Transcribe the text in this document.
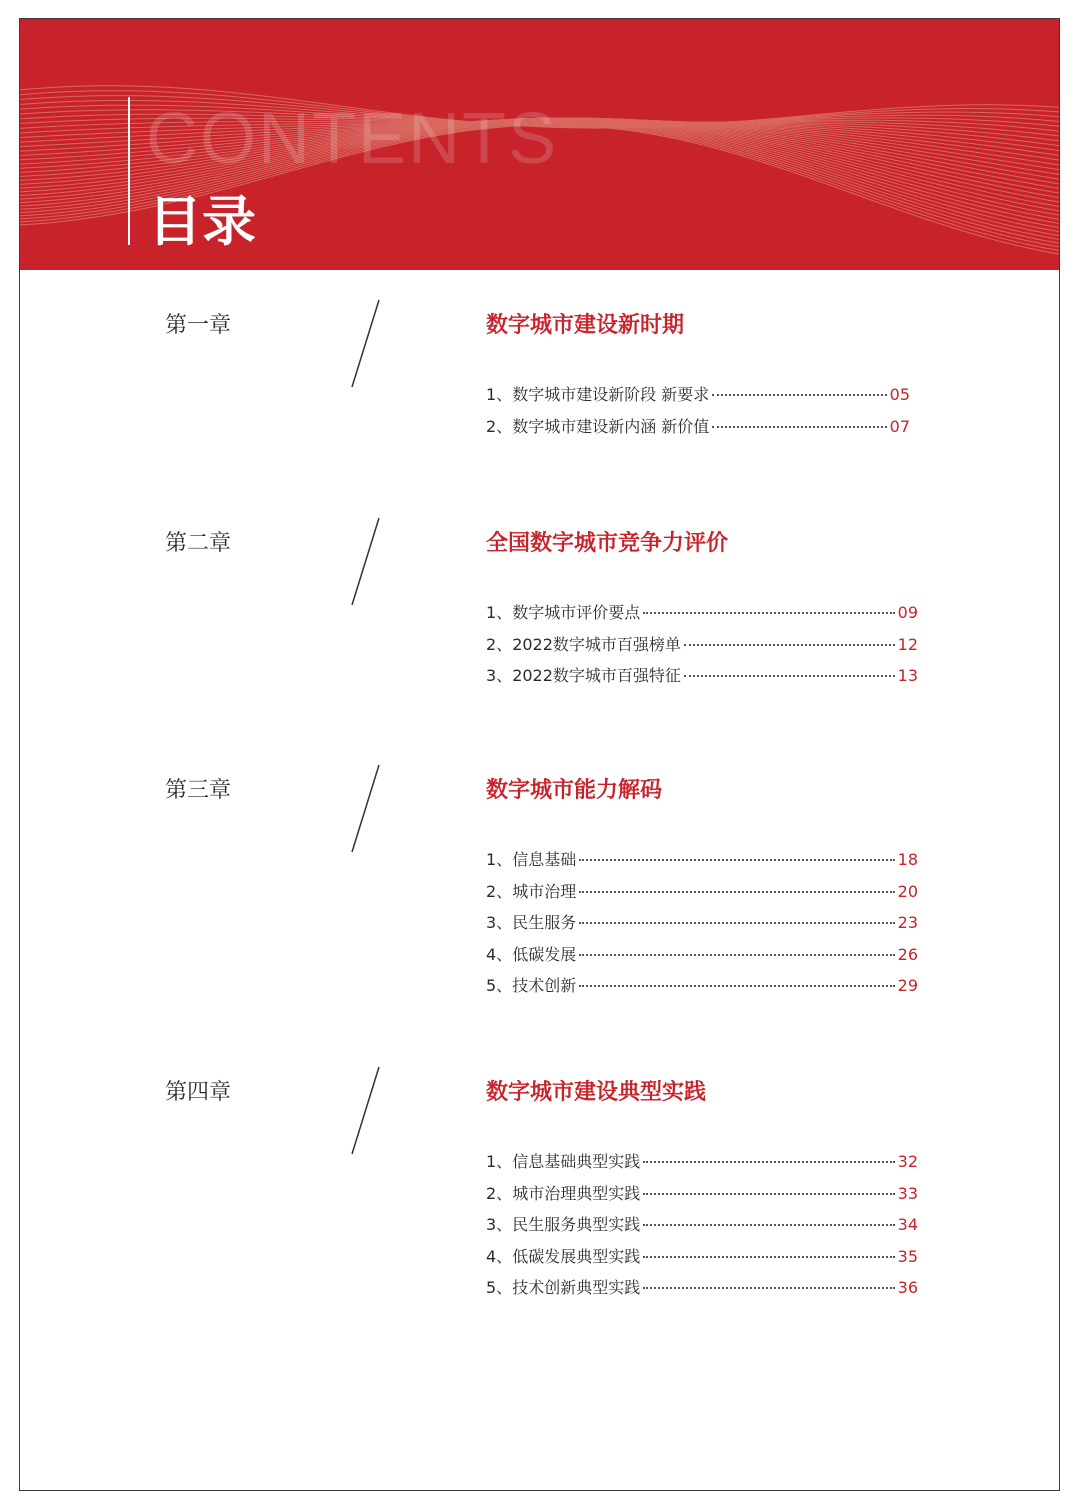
CONTENTS
目录
第一章	数字城市建设新时期
1、 数字城市建设新阶段 新要求	05
2、 数字城市建设新内涵 新价值	07
第二章	全国数字城市竞争力评价
1、 数字城市评价要点	09
2、 2022数字城市百强榜单	12
3、 2022数字城市百强特征	13
第三章	数字城市能力解码
1、 信息基础	18
2、 城市治理	20
3、 民生服务	23
4、 低碳发展	26
5、 技术创新	29
第四章	数字城市建设典型实践
1、 信息基础典型实践	32
2、 城市治理典型实践	33
3、 民生服务典型实践	34
4、 低碳发展典型实践	35
5、 技术创新典型实践	36
